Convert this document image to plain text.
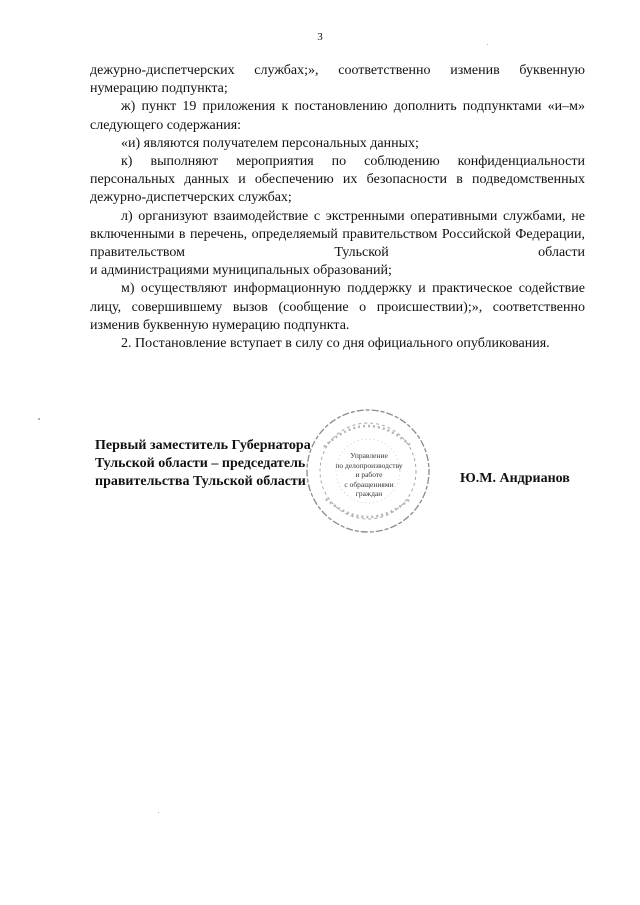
3

дежурно-диспетчерских службах;», соответственно изменив буквенную нумерацию подпункта;

ж) пункт 19 приложения к постановлению дополнить подпунктами «и–м» следующего содержания:

«и) являются получателем персональных данных;

к) выполняют мероприятия по соблюдению конфиденциальности персональных данных и обеспечению их безопасности в подведомственных дежурно-диспетчерских службах;

л) организуют взаимодействие с экстренными оперативными службами, не включенными в перечень, определяемый правительством Российской Федерации, правительством Тульской области

и администрациями муниципальных образований;

м) осуществляют информационную поддержку и практическое содействие лицу, совершившему вызов (сообщение о происшествии);», соответственно изменив буквенную нумерацию подпункта.

2. Постановление вступает в силу со дня официального опубликования.

Управление
по делопроизводству
и работе
с обращениями
граждан
Первый заместитель Губернатора
Тульской области – председатель
правительства Тульской области	Ю.М. Андрианов
